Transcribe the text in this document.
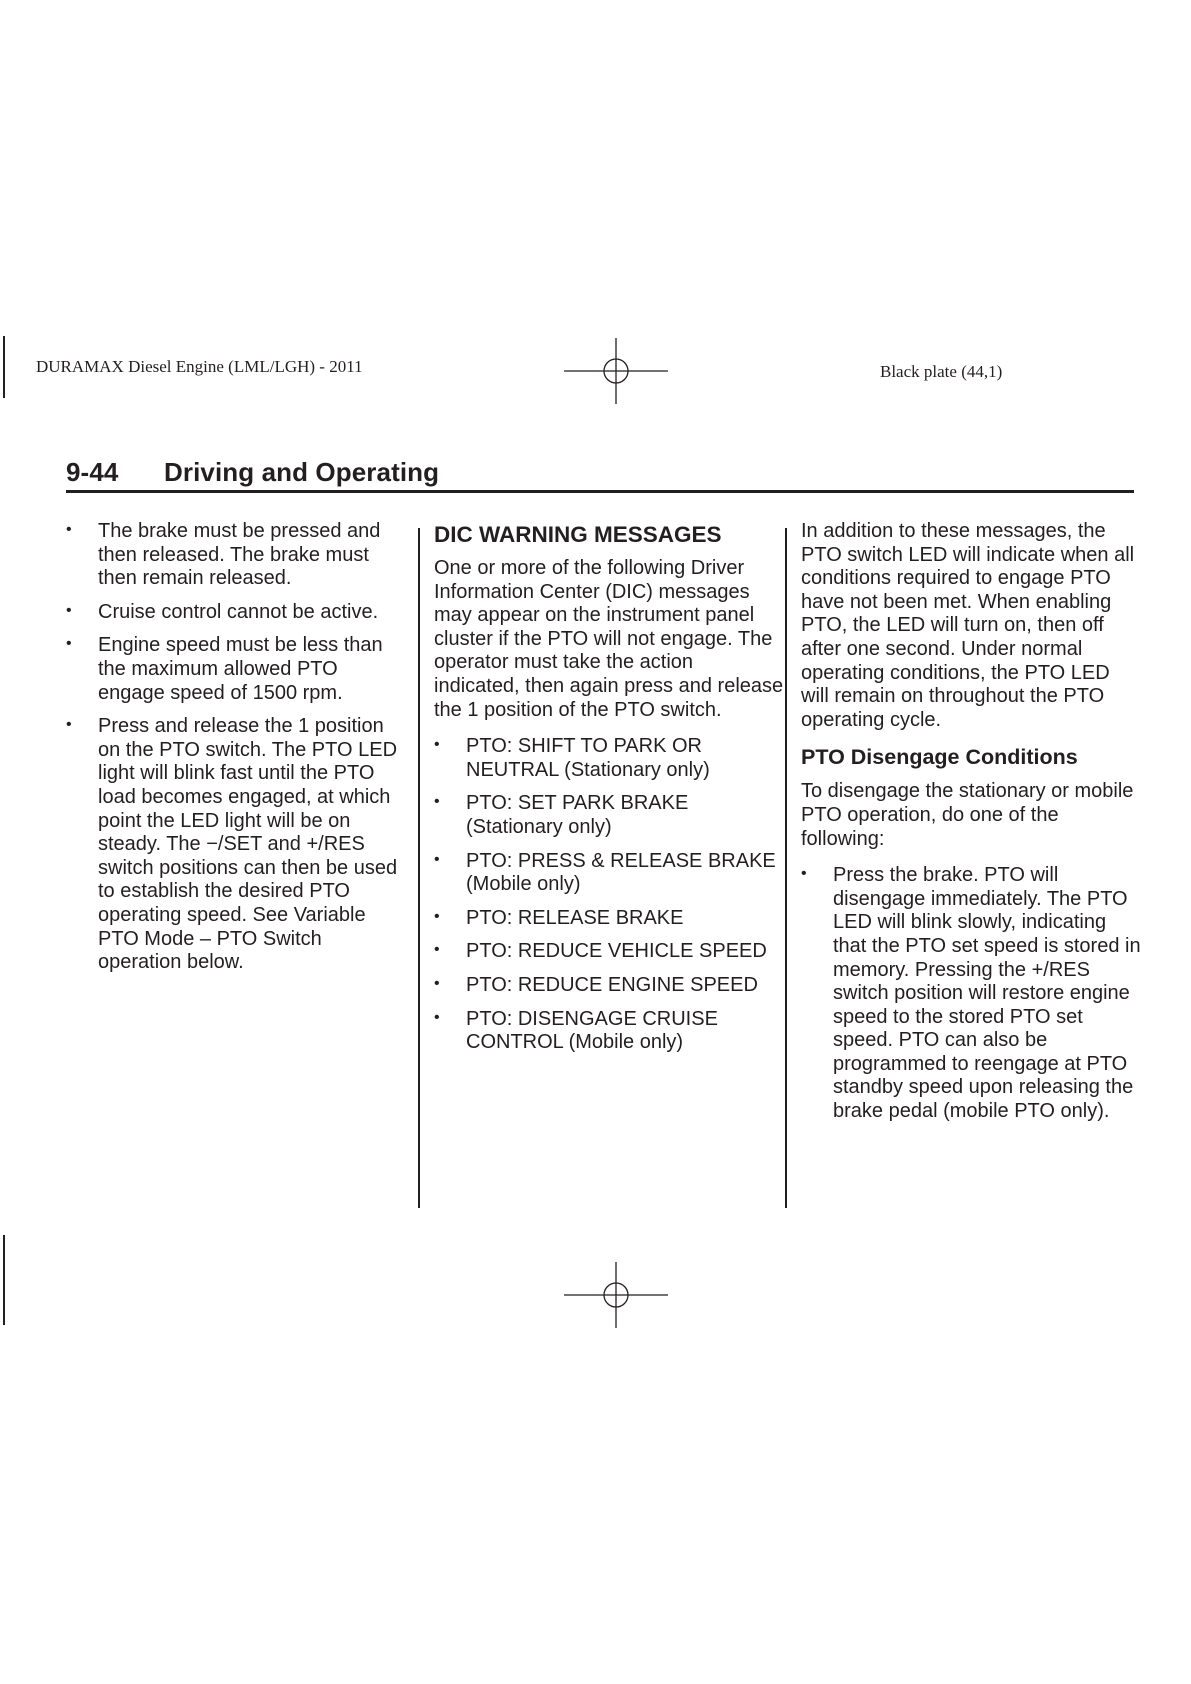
DURAMAX Diesel Engine (LML/LGH) - 2011	Black plate (44,1)
9-44 Driving and Operating
• The brake must be pressed and then released. The brake must then remain released.
• Cruise control cannot be active.
• Engine speed must be less than the maximum allowed PTO engage speed of 1500 rpm.
• Press and release the 1 position on the PTO switch. The PTO LED light will blink fast until the PTO load becomes engaged, at which point the LED light will be on steady. The −/SET and +/RES switch positions can then be used to establish the desired PTO operating speed. See Variable PTO Mode – PTO Switch operation below.
DIC WARNING MESSAGES

One or more of the following Driver Information Center (DIC) messages may appear on the instrument panel cluster if the PTO will not engage. The operator must take the action indicated, then again press and release the 1 position of the PTO switch.

• PTO: SHIFT TO PARK OR NEUTRAL (Stationary only)
• PTO: SET PARK BRAKE (Stationary only)
• PTO: PRESS & RELEASE BRAKE (Mobile only)
• PTO: RELEASE BRAKE
• PTO: REDUCE VEHICLE SPEED
• PTO: REDUCE ENGINE SPEED
• PTO: DISENGAGE CRUISE CONTROL (Mobile only)

In addition to these messages, the PTO switch LED will indicate when all conditions required to engage PTO have not been met. When enabling PTO, the LED will turn on, then off after one second. Under normal operating conditions, the PTO LED will remain on throughout the PTO operating cycle.

PTO Disengage Conditions

To disengage the stationary or mobile PTO operation, do one of the following:

• Press the brake. PTO will disengage immediately. The PTO LED will blink slowly, indicating that the PTO set speed is stored in memory. Pressing the +/RES switch position will restore engine speed to the stored PTO set speed. PTO can also be programmed to reengage at PTO standby speed upon releasing the brake pedal (mobile PTO only).
